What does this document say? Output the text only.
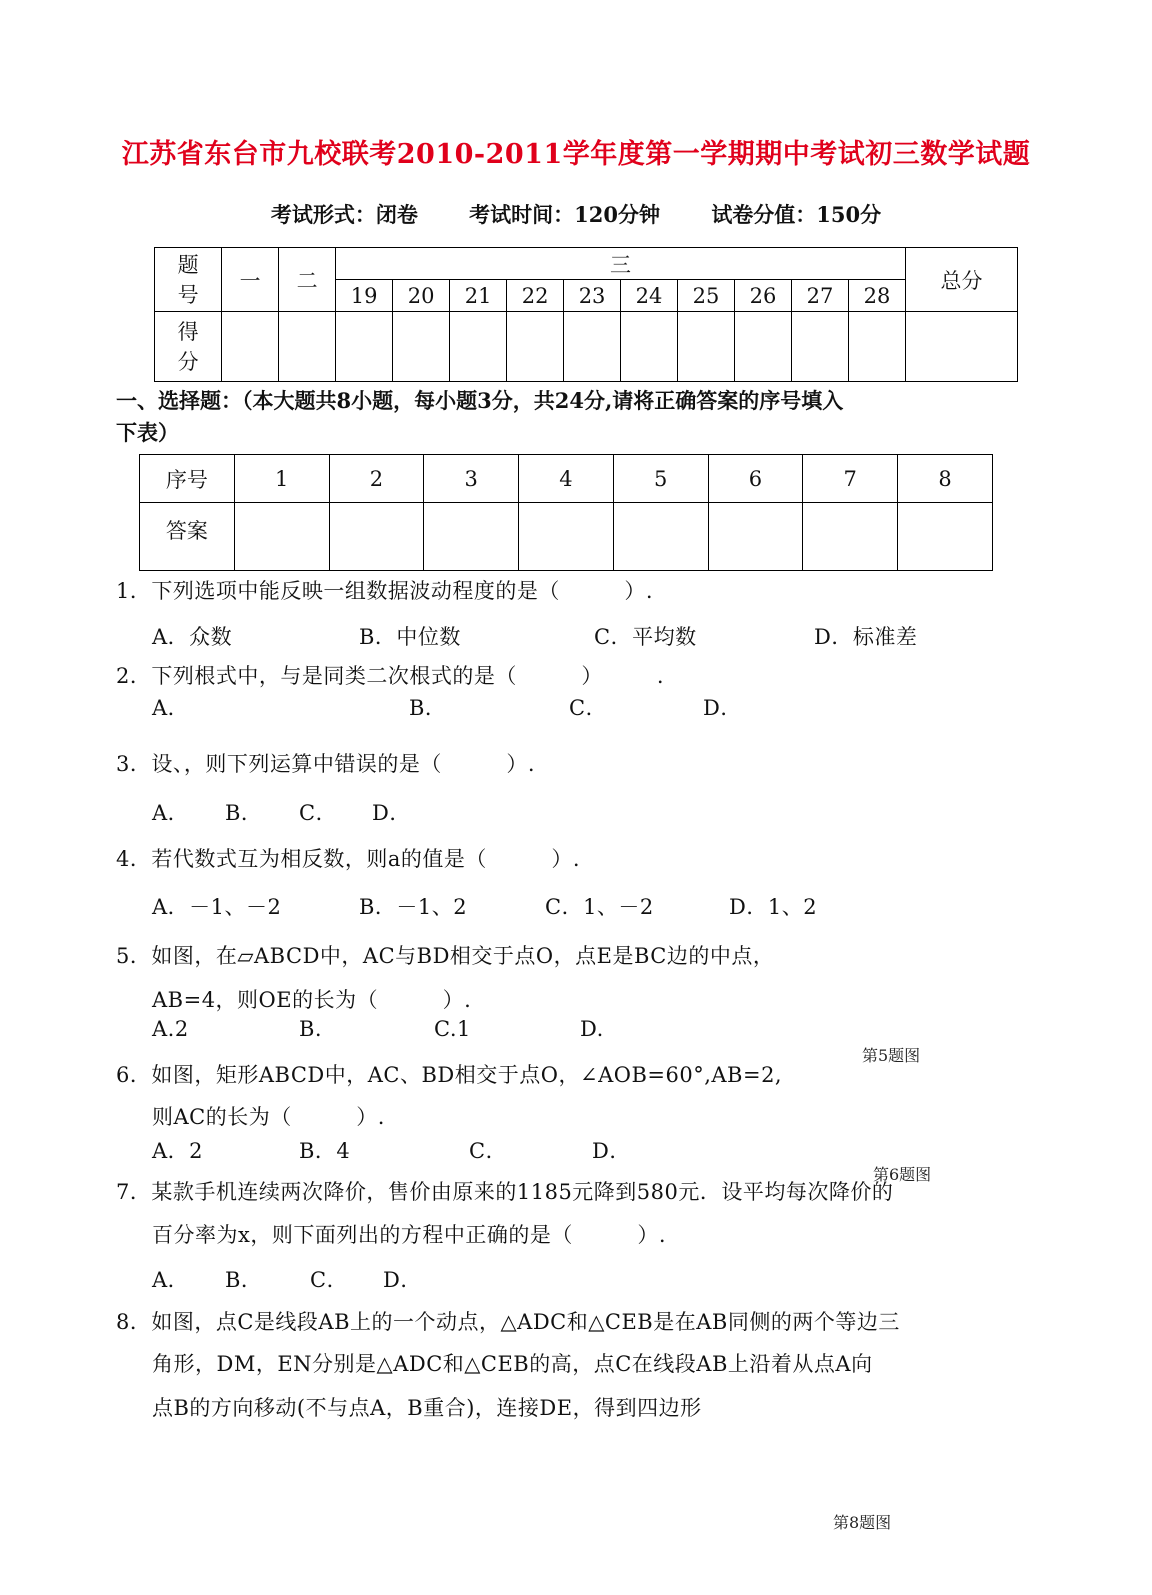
江苏省东台市九校联考2010-2011学年度第一学期期中考试初三数学试题
考试形式：闭卷 考试时间：120分钟 试卷分值：150分
题号	一	二	三										总分
			19	20	21	22	23	24	25	26	27	28	
得分													
一、选择题：（本大题共8小题，每小题3分，共24分,请将正确答案的序号填入
下表）
序号	1	2	3	4	5	6	7	8
答案								
1．下列选项中能反映一组数据波动程度的是（　　　）.
A．众数	B．中位数	C．平均数	D．标准差
2．下列根式中，与是同类二次根式的是（　　　）　　　.
A．	B．	C．	D．
3．设、，则下列运算中错误的是（　　　）.
A． B． C． D．
4．若代数式互为相反数，则a的值是（　　　）.
A．－1、－2	B．－1、2	C．1、－2	D．1、2
5．如图，在▱ABCD中，AC与BD相交于点O，点E是BC边的中点，
AB=4，则OE的长为（　　　）.
A.2	B.	C.1	D.
第5题图
6．如图，矩形ABCD中，AC、BD相交于点O，∠AOB=60°,AB=2,
则AC的长为（　　　）.
A．2	B．4	C．	D．
第6题图
7．某款手机连续两次降价，售价由原来的1185元降到580元．设平均每次降价的
百分率为x，则下面列出的方程中正确的是（　　　）.
A． B． C． D．
8．如图，点C是线段AB上的一个动点，△ADC和△CEB是在AB同侧的两个等边三
角形，DM，EN分别是△ADC和△CEB的高，点C在线段AB上沿着从点A向
点B的方向移动(不与点A，B重合)，连接DE，得到四边形
第8题图
